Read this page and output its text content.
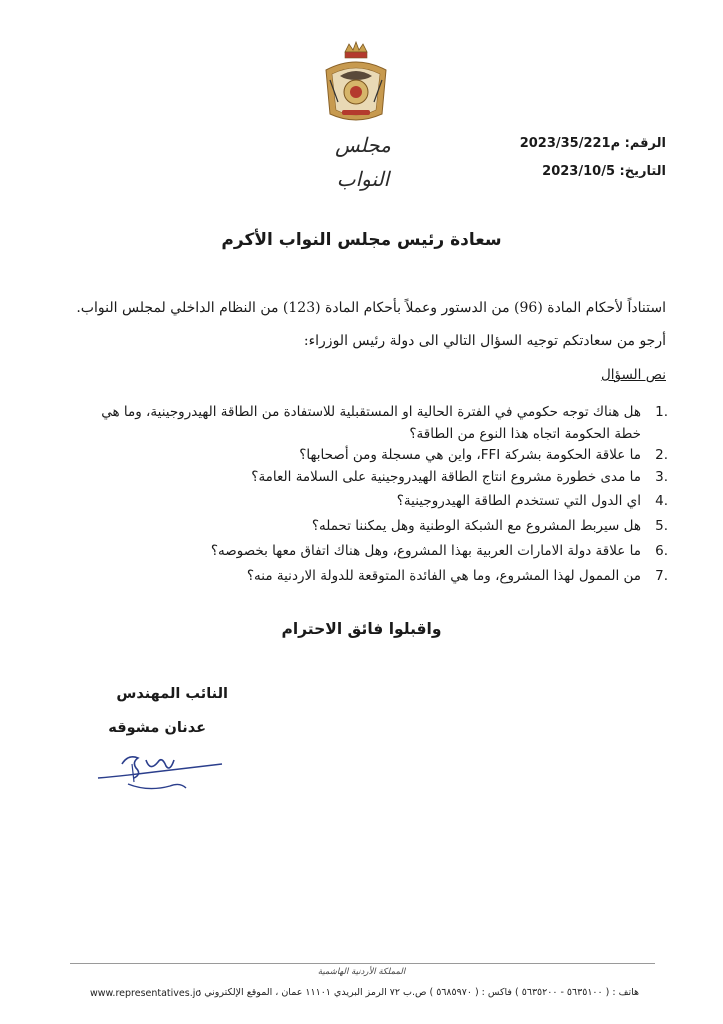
مجلس النواب
الرقم: م2023/35/221
التاريخ: 2023/10/5
سعادة رئيس مجلس النواب الأكرم
استناداً لأحكام المادة (96) من الدستور وعملاً بأحكام المادة (123) من النظام الداخلي لمجلس النواب.
أرجو من سعادتكم توجيه السؤال التالي الى دولة رئيس الوزراء:
نص السؤال
1.
هل هناك توجه حكومي في الفترة الحالية او المستقبلية للاستفادة من الطاقة الهيدروجينية، وما هي خطة الحكومة اتجاه هذا النوع من الطاقة؟
2.
ما علاقة الحكومة بشركة FFI، واين هي مسجلة ومن أصحابها؟
3.
ما مدى خطورة مشروع انتاج الطاقة الهيدروجينية على السلامة العامة؟
4.
اي الدول التي تستخدم الطاقة الهيدروجينية؟
5.
هل سيربط المشروع مع الشبكة الوطنية وهل يمكننا تحمله؟
6.
ما علاقة دولة الامارات العربية بهذا المشروع، وهل هناك اتفاق معها بخصوصه؟
7.
من الممول لهذا المشروع، وما هي الفائدة المتوقعة للدولة الاردنية منه؟
واقبلوا فائق الاحترام
النائب المهندس
عدنان مشوقه
المملكة الأردنية الهاشمية
هاتف : ( ٥٦٣٥١٠٠ - ٥٦٣٥٢٠٠ ) فاكس : ( ٥٦٨٥٩٧٠ ) ص.ب ٧٢ الرمز البريدي ١١١٠١ عمان ، الموقع الإلكتروني :
www.representatives.jo
